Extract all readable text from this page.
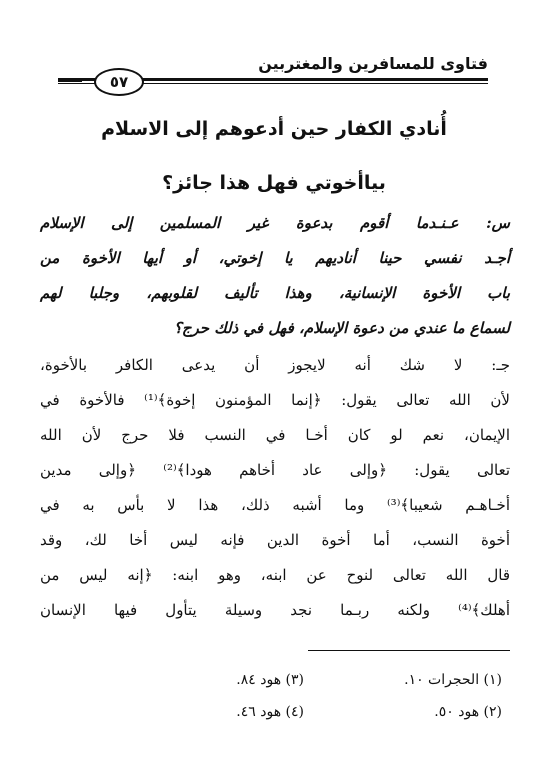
فتاوى للمسافرين والمغتربين
٥٧
أُنادي الكفار حين أدعوهم إلى الاسلام
بياأخوتي فهل هذا جائز؟
س: عـنـدما أقوم بدعوة غير المسلمين إلى الإسلام
أجـد نفسي حينا أناديهم يا إخوتي، أو أيها الأخوة من
باب الأخوة الإنسانية، وهذا تأليف لقلوبهم، وجلبا لهم
لسماع ما عندي من دعوة الإسلام، فهل في ذلك حرج؟
جـ: لا شك أنه لايجوز أن يدعى الكافر بالأخوة،
لأن الله تعالى يقول: ﴿إنما المؤمنون إخوة﴾⁽¹⁾ فالأخوة في
الإيمان، نعم لو كان أخـا في النسب فلا حرج لأن الله
تعالى يقول: ﴿وإلى عاد أخاهم هودا﴾⁽²⁾ ﴿وإلى مدين
أخـاهـم شعيبا﴾⁽³⁾ وما أشبه ذلك، هذا لا بأس به في
أخوة النسب، أما أخوة الدين فإنه ليس أخا لك، وقد
قال الله تعالى لنوح عن ابنه، وهو ابنه: ﴿إنه ليس من
أهلك﴾⁽⁴⁾ ولكنه ربـما نجد وسيلة يتأول فيها الإنسان
(١) الحجرات ١٠.
(٢) هود ٥٠.
(٣) هود ٨٤.
(٤) هود ٤٦.
